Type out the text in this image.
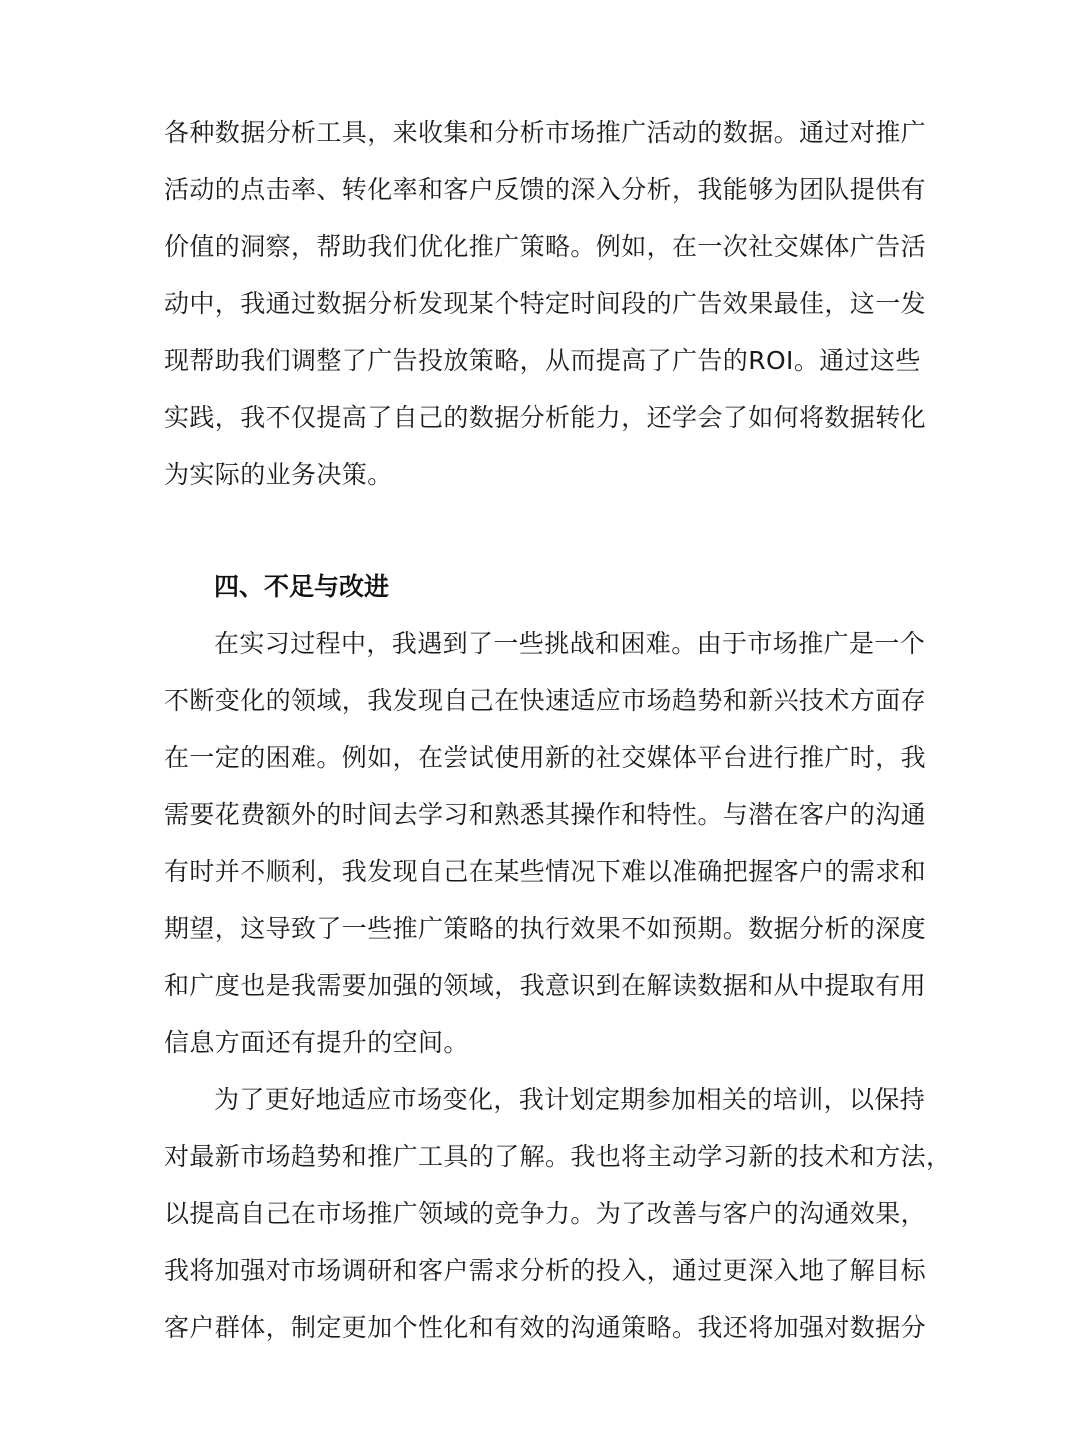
各种数据分析工具，来收集和分析市场推广活动的数据。通过对推广
活动的点击率、转化率和客户反馈的深入分析，我能够为团队提供有
价值的洞察，帮助我们优化推广策略。例如，在一次社交媒体广告活
动中，我通过数据分析发现某个特定时间段的广告效果最佳，这一发
现帮助我们调整了广告投放策略，从而提高了广告的ROI。通过这些
实践，我不仅提高了自己的数据分析能力，还学会了如何将数据转化
为实际的业务决策。
四、不足与改进
在实习过程中，我遇到了一些挑战和困难。由于市场推广是一个
不断变化的领域，我发现自己在快速适应市场趋势和新兴技术方面存
在一定的困难。例如，在尝试使用新的社交媒体平台进行推广时，我
需要花费额外的时间去学习和熟悉其操作和特性。与潜在客户的沟通
有时并不顺利，我发现自己在某些情况下难以准确把握客户的需求和
期望，这导致了一些推广策略的执行效果不如预期。数据分析的深度
和广度也是我需要加强的领域，我意识到在解读数据和从中提取有用
信息方面还有提升的空间。
为了更好地适应市场变化，我计划定期参加相关的培训，以保持
对最新市场趋势和推广工具的了解。我也将主动学习新的技术和方法，
以提高自己在市场推广领域的竞争力。为了改善与客户的沟通效果，
我将加强对市场调研和客户需求分析的投入，通过更深入地了解目标
客户群体，制定更加个性化和有效的沟通策略。我还将加强对数据分
